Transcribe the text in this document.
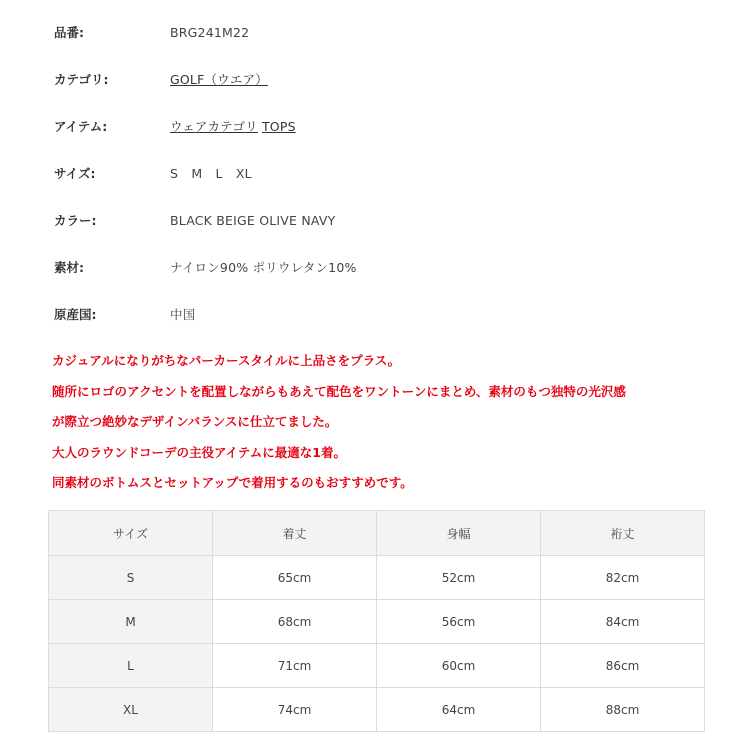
品番:	BRG241M22
カテゴリ:	GOLF（ウエア）
アイテム:	ウェアカテゴリ TOPS
サイズ:	S M L XL
カラー:	BLACK BEIGE OLIVE NAVY
素材:	ナイロン90% ポリウレタン10%
原産国:	中国
カジュアルになりがちなパーカースタイルに上品さをプラス。
随所にロゴのアクセントを配置しながらもあえて配色をワントーンにまとめ、素材のもつ独特の光沢感
が際立つ絶妙なデザインバランスに仕立てました。
大人のラウンドコーデの主役アイテムに最適な1着。
同素材のボトムスとセットアップで着用するのもおすすめです。
サイズ	着丈	身幅	裄丈
S	65cm	52cm	82cm
M	68cm	56cm	84cm
L	71cm	60cm	86cm
XL	74cm	64cm	88cm
